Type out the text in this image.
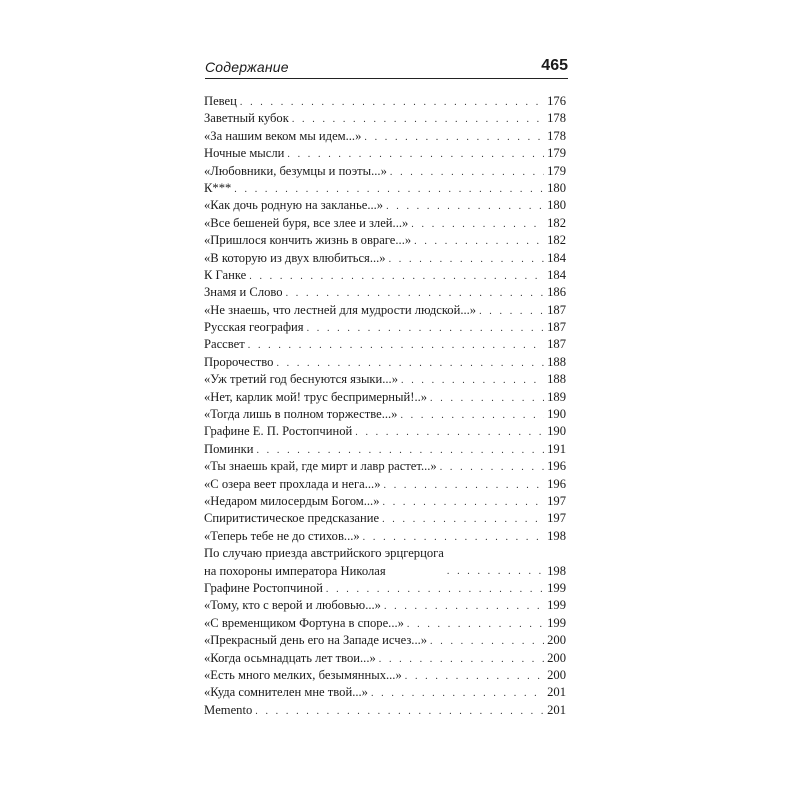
Содержание	465
Певец . . .	176
Заветный кубок . . .	178
«За нашим веком мы идем...» . . .	178
Ночные мысли . . .	179
«Любовники, безумцы и поэты...» . . .	179
К*** . . .	180
«Как дочь родную на закланье...» . . .	180
«Все бешеней буря, все злее и злей...» . . .	182
«Пришлося кончить жизнь в овраге...» . . .	182
«В которую из двух влюбиться...» . . .	184
К Ганке . . .	184
Знамя и Слово . . .	186
«Не знаешь, что лестней для мудрости людской...» . . .	187
Русская география . . .	187
Рассвет . . .	187
Пророчество . . .	188
«Уж третий год беснуются языки...» . . .	188
«Нет, карлик мой! трус беспримерный!..» . . .	189
«Тогда лишь в полном торжестве...» . . .	190
Графине Е. П. Ростопчиной . . .	190
Поминки . . .	191
«Ты знаешь край, где мирт и лавр растет...» . . .	196
«С озера веет прохлада и нега...» . . .	196
«Недаром милосердым Богом...» . . .	197
Спиритистическое предсказание . . .	197
«Теперь тебе не до стихов...» . . .	198
По случаю приезда австрийского эрцгерцога
на похороны императора Николая . . .	198
Графине Ростопчиной . . .	199
«Тому, кто с верой и любовью...» . . .	199
«С временщиком Фортуна в споре...» . . .	199
«Прекрасный день его на Западе исчез...» . . .	200
«Когда осьмнадцать лет твои...» . . .	200
«Есть много мелких, безымянных...» . . .	200
«Куда сомнителен мне твой...» . . .	201
Memento . . .	201
